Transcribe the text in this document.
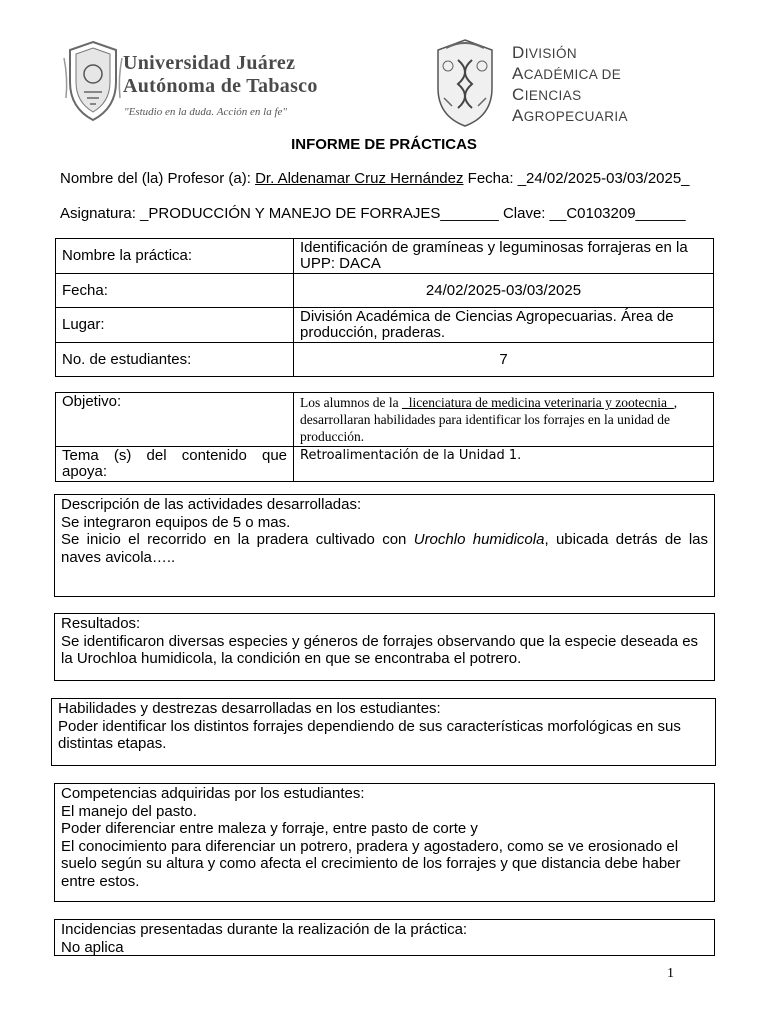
Universidad Juárez
Autónoma de Tabasco
"Estudio en la duda. Acción en la fe"
DIVISIÓN
ACADÉMICA DE
CIENCIAS
AGROPECUARIA
INFORME DE PRÁCTICAS
Nombre del (la) Profesor (a): Dr. Aldenamar Cruz Hernández Fecha: _24/02/2025-03/03/2025_
Asignatura: _PRODUCCIÓN Y MANEJO DE FORRAJES_______ Clave: __C0103209______
Nombre la práctica:	Identificación de gramíneas y leguminosas forrajeras en la UPP: DACA
Fecha:	24/02/2025-03/03/2025
Lugar:	División Académica de Ciencias Agropecuarias. Área de producción, praderas.
No. de estudiantes:	7
Objetivo:	Los alumnos de la _licenciatura de medicina veterinaria y zootecnia_, desarrollaran habilidades para identificar los forrajes en la unidad de producción.
Tema (s) del contenido que apoya:	Retroalimentación de la Unidad 1.
Descripción de las actividades desarrolladas:
Se integraron equipos de 5 o mas.
Se inicio el recorrido en la pradera cultivado con Urochlo humidicola, ubicada detrás de las naves avicola…..
Resultados:
Se identificaron diversas especies y géneros de forrajes observando que la especie deseada es la Urochloa humidicola, la condición en que se encontraba el potrero.
Habilidades y destrezas desarrolladas en los estudiantes:
Poder identificar los distintos forrajes dependiendo de sus características morfológicas en sus distintas etapas.
Competencias adquiridas por los estudiantes:
El manejo del pasto.
Poder diferenciar entre maleza y forraje, entre pasto de corte y
El conocimiento para diferenciar un potrero, pradera y agostadero, como se ve erosionado el suelo según su altura y como afecta el crecimiento de los forrajes y que distancia debe haber entre estos.
Incidencias presentadas durante la realización de la práctica:
No aplica
1
